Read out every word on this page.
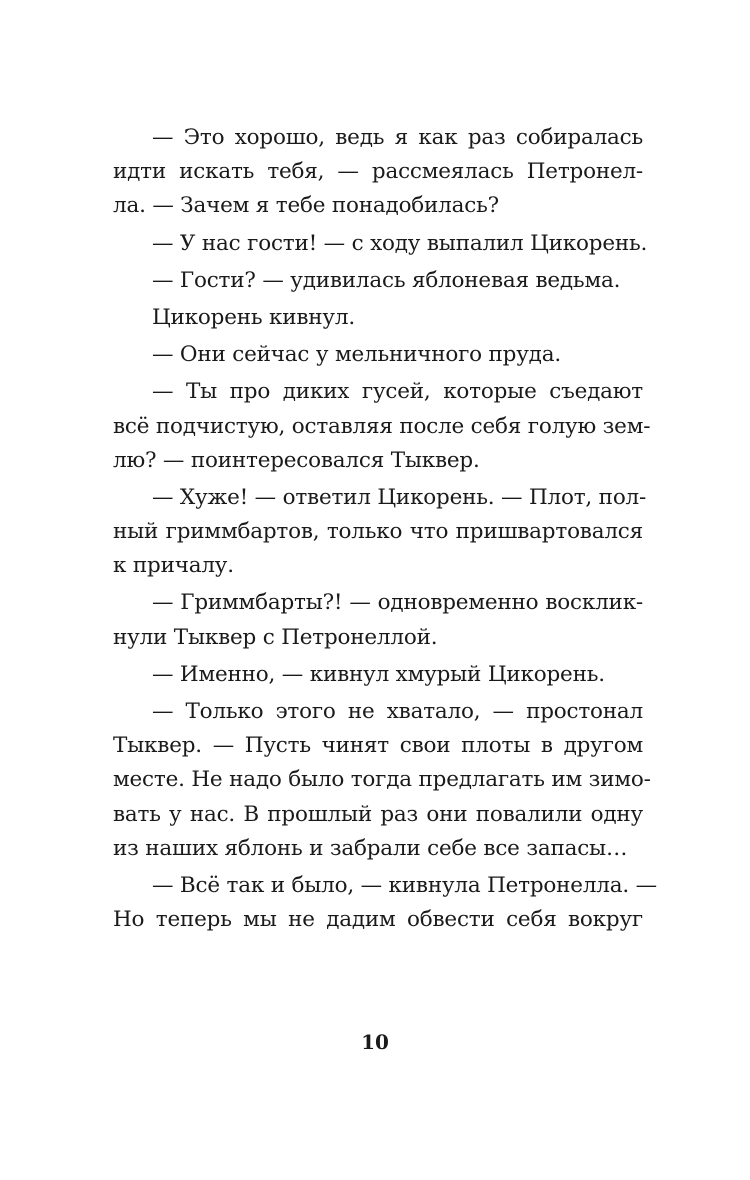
— Это хорошо, ведь я как раз собиралась
идти искать тебя, — рассмеялась Петронел-
ла. — Зачем я тебе понадобилась?
— У нас гости! — с ходу выпалил Цикорень.
— Гости? — удивилась яблоневая ведьма.
Цикорень кивнул.
— Они сейчас у мельничного пруда.
— Ты про диких гусей, которые съедают
всё подчистую, оставляя после себя голую зем-
лю? — поинтересовался Тыквер.
— Хуже! — ответил Цикорень. — Плот, пол-
ный гриммбартов, только что пришвартовался
к причалу.
— Гриммбарты?! — одновременно восклик-
нули Тыквер с Петронеллой.
— Именно, — кивнул хмурый Цикорень.
— Только этого не хватало, — простонал
Тыквер. — Пусть чинят свои плоты в другом
месте. Не надо было тогда предлагать им зимо-
вать у нас. В прошлый раз они повалили одну
из наших яблонь и забрали себе все запасы…
— Всё так и было, — кивнула Петронелла. —
Но теперь мы не дадим обвести себя вокруг
10
